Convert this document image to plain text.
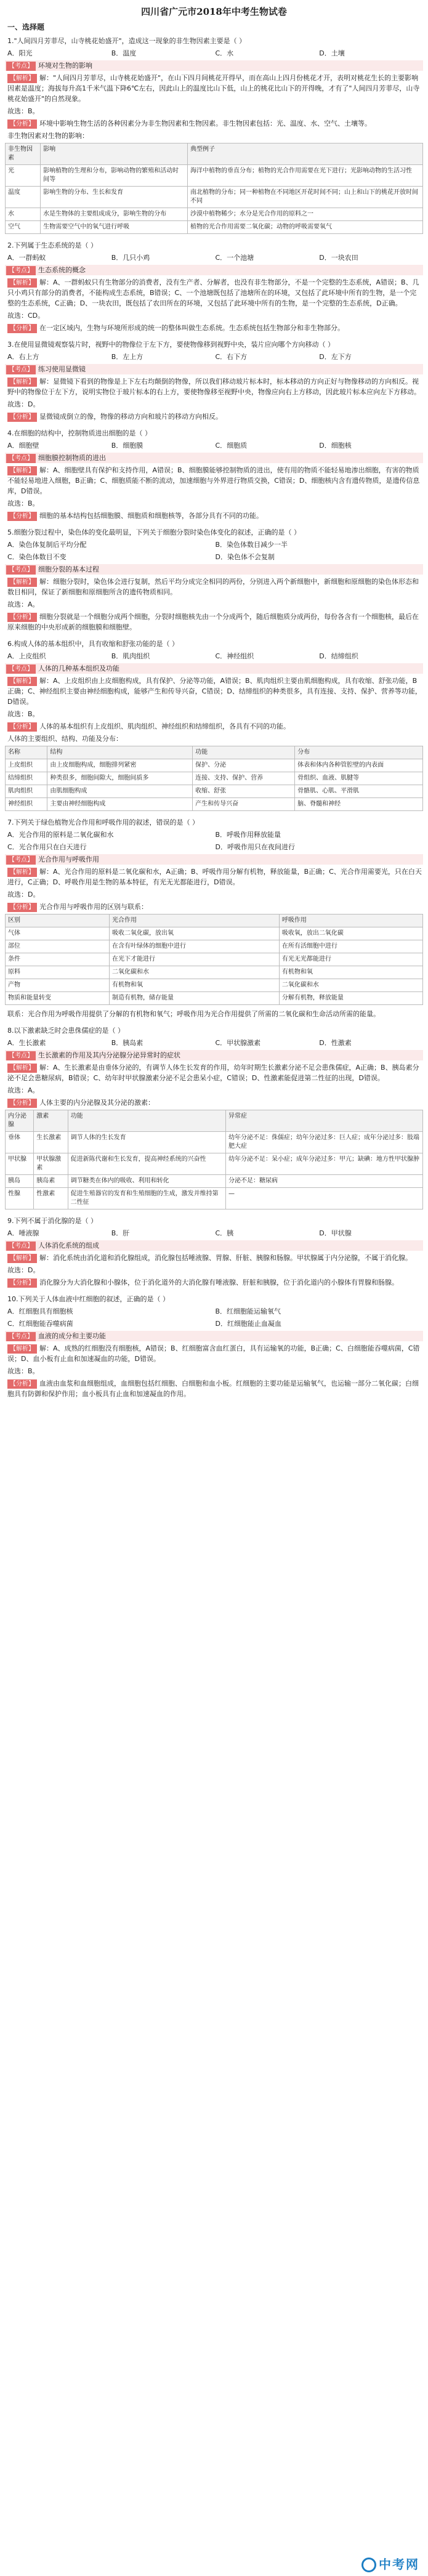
四川省广元市2018年中考生物试卷
一、选择题
1."人间四月芳菲尽，山寺桃花始盛开"，造成这一现象的非生物因素主要是（ ）
A．阳光	B．温度	C．水	D．土壤
【考点】 环境对生物的影响
【解析】 解："人间四月芳菲尽，山寺桃花始盛开"，在山下四月间桃花开得早，而在高山上四月份桃花才开，表明对桃花生长的主要影响因素是温度；海拔每升高1千米气温下降6℃左右，因此山上的温度比山下低，山上的桃花比山下的开得晚，才有了"人间四月芳菲尽，山寺桃花始盛开"的自然现象。
故选：B。
【分析】 环境中影响生物生活的各种因素分为非生物因素和生物因素。非生物因素包括：光、温度、水、空气、土壤等。
非生物因素对生物的影响：
非生物因素	影响	典型例子
光	影响植物的生理和分布，影响动物的繁殖和活动时间等	海洋中植物的垂直分布；植物的光合作用需要在光下进行；光影响动物的生活习性
温度	影响生物的分布、生长和发育	南北植物的分布；同一种植物在不同地区开花时间不同；山上和山下的桃花开放时间不同
水	水是生物体的主要组成成分，影响生物的分布	沙漠中植物稀少；水分是光合作用的原料之一
空气	生物需要空气中的氧气进行呼吸	植物的光合作用需要二氧化碳；动物的呼吸需要氧气
2.下列属于生态系统的是（ ）
A．一群蚂蚁	B．几只小鸡	C．一个池塘	D．一块农田
【考点】 生态系统的概念
【解析】 解：A、一群蚂蚁只有生物部分的消费者，没有生产者、分解者，也没有非生物部分，不是一个完整的生态系统，A错误；B、几只小鸡只有部分的消费者，不能构成生态系统，B错误；C、一个池塘既包括了池塘所在的环境，又包括了此环境中所有的生物，是一个完整的生态系统，C正确；D、一块农田，既包括了农田所在的环境，又包括了此环境中所有的生物，是一个完整的生态系统，D正确。
故选：CD。
【分析】 在一定区域内，生物与环境所形成的统一的整体叫做生态系统。生态系统包括生物部分和非生物部分。
3.在使用显微镜观察装片时，视野中的物像位于左下方，要使物像移到视野中央，装片应向哪个方向移动（ ）
A．右上方	B．左上方	C．右下方	D．左下方
【考点】 练习使用显微镜
【解析】 解：显微镜下看到的物像是上下左右均颠倒的物像，所以我们移动玻片标本时，标本移动的方向正好与物像移动的方向相反。视野中的物像位于左下方，说明实物位于玻片标本的右上方，要使物像移至视野中央，物像应向右上方移动，因此玻片标本应向左下方移动。
故选：D。
【分析】 显微镜成倒立的像，物像的移动方向和玻片的移动方向相反。
4.在细胞的结构中，控制物质进出细胞的是（ ）
A．细胞壁	B．细胞膜	C．细胞质	D．细胞核
【考点】 细胞膜控制物质的进出
【解析】 解：A、细胞壁具有保护和支持作用，A错误；B、细胞膜能够控制物质的进出，使有用的物质不能轻易地渗出细胞，有害的物质不能轻易地进入细胞，B正确；C、细胞质能不断的流动，加速细胞与外界进行物质交换，C错误；D、细胞核内含有遗传物质，是遗传信息库，D错误。
故选：B。
【分析】 细胞的基本结构包括细胞膜、细胞质和细胞核等，各部分具有不同的功能。
5.细胞分裂过程中，染色体的变化最明显，下列关于细胞分裂时染色体变化的叙述，正确的是（ ）
A．染色体复制后平均分配	B．染色体数目减少一半
C．染色体数目不变	D．染色体不会复制
【考点】 细胞分裂的基本过程
【解析】 解：细胞分裂时，染色体会进行复制，然后平均分成完全相同的两份，分别进入两个新细胞中，新细胞和原细胞的染色体形态和数目相同，保证了新细胞和原细胞所含的遗传物质相同。
故选：A。
【分析】 细胞分裂就是一个细胞分成两个细胞，分裂时细胞核先由一个分成两个，随后细胞质分成两份，每份各含有一个细胞核，最后在原来细胞的中央形成新的细胞膜和细胞壁。
6.构成人体的基本组织中，具有收缩和舒张功能的是（ ）
A．上皮组织	B．肌肉组织	C．神经组织	D．结缔组织
【考点】 人体的几种基本组织及功能
【解析】 解：A、上皮组织由上皮细胞构成，具有保护、分泌等功能，A错误；B、肌肉组织主要由肌细胞构成，具有收缩、舒张功能，B正确；C、神经组织主要由神经细胞构成，能够产生和传导兴奋，C错误；D、结缔组织的种类很多，具有连接、支持、保护、营养等功能，D错误。
故选：B。
【分析】 人体的基本组织有上皮组织、肌肉组织、神经组织和结缔组织，各具有不同的功能。
人体的主要组织、结构、功能及分布：
名称	结构	功能	分布
上皮组织	由上皮细胞构成，细胞排列紧密	保护、分泌	体表和体内各种管腔壁的内表面
结缔组织	种类很多，细胞间隙大，细胞间质多	连接、支持、保护、营养	骨组织、血液、肌腱等
肌肉组织	由肌细胞构成	收缩、舒张	骨骼肌、心肌、平滑肌
神经组织	主要由神经细胞构成	产生和传导兴奋	脑、脊髓和神经
7.下列关于绿色植物光合作用和呼吸作用的叙述，错误的是（ ）
A．光合作用的原料是二氧化碳和水	B．呼吸作用释放能量
C．光合作用只在白天进行	D．呼吸作用只在夜间进行
【考点】 光合作用与呼吸作用
【解析】 解：A、光合作用的原料是二氧化碳和水，A正确；B、呼吸作用分解有机物，释放能量，B正确；C、光合作用需要光，只在白天进行，C正确；D、呼吸作用是生物的基本特征，有光无光都能进行，D错误。
故选：D。
【分析】 光合作用与呼吸作用的区别与联系：
区别	光合作用	呼吸作用
气体	吸收二氧化碳，放出氧	吸收氧，放出二氧化碳
部位	在含有叶绿体的细胞中进行	在所有活细胞中进行
条件	在光下才能进行	有光无光都能进行
原料	二氧化碳和水	有机物和氧
产物	有机物和氧	二氧化碳和水
物质和能量转变	制造有机物，储存能量	分解有机物，释放能量
联系：光合作用为呼吸作用提供了分解的有机物和氧气；呼吸作用为光合作用提供了所需的二氧化碳和生命活动所需的能量。
8.以下激素缺乏时会患侏儒症的是（ ）
A．生长激素	B．胰岛素	C．甲状腺激素	D．性激素
【考点】 生长激素的作用及其内分泌腺分泌异常时的症状
【解析】 解：A、生长激素是由垂体分泌的，有调节人体生长发育的作用，幼年时期生长激素分泌不足会患侏儒症，A正确；B、胰岛素分泌不足会患糖尿病，B错误；C、幼年时甲状腺激素分泌不足会患呆小症，C错误；D、性激素能促进第二性征的出现，D错误。
故选：A。
【分析】 人体主要的内分泌腺及其分泌的激素：
内分泌腺	激素	功能	异常症
垂体	生长激素	调节人体的生长发育	幼年分泌不足：侏儒症；幼年分泌过多：巨人症；成年分泌过多：肢端肥大症
甲状腺	甲状腺激素	促进新陈代谢和生长发育，提高神经系统的兴奋性	幼年分泌不足：呆小症；成年分泌过多：甲亢；缺碘：地方性甲状腺肿
胰岛	胰岛素	调节糖类在体内的吸收、利用和转化	分泌不足：糖尿病
性腺	性激素	促进生殖器官的发育和生殖细胞的生成，激发并维持第二性征	—
9.下列不属于消化腺的是（ ）
A．唾液腺	B．肝	C．胰	D．甲状腺
【考点】 人体消化系统的组成
【解析】 解：消化系统由消化道和消化腺组成，消化腺包括唾液腺、胃腺、肝脏、胰腺和肠腺。甲状腺属于内分泌腺，不属于消化腺。
故选：D。
【分析】 消化腺分为大消化腺和小腺体，位于消化道外的大消化腺有唾液腺、肝脏和胰腺，位于消化道内的小腺体有胃腺和肠腺。
10.下列关于人体血液中红细胞的叙述，正确的是（ ）
A．红细胞具有细胞核	B．红细胞能运输氧气
C．红细胞能吞噬病菌	D．红细胞能止血凝血
【考点】 血液的成分和主要功能
【解析】 解：A、成熟的红细胞没有细胞核，A错误；B、红细胞富含血红蛋白，具有运输氧的功能，B正确；C、白细胞能吞噬病菌，C错误；D、血小板有止血和加速凝血的功能，D错误。
故选：B。
【分析】 血液由血浆和血细胞组成，血细胞包括红细胞、白细胞和血小板。红细胞的主要功能是运输氧气，也运输一部分二氧化碳；白细胞具有防御和保护作用；血小板具有止血和加速凝血的作用。
中考网
